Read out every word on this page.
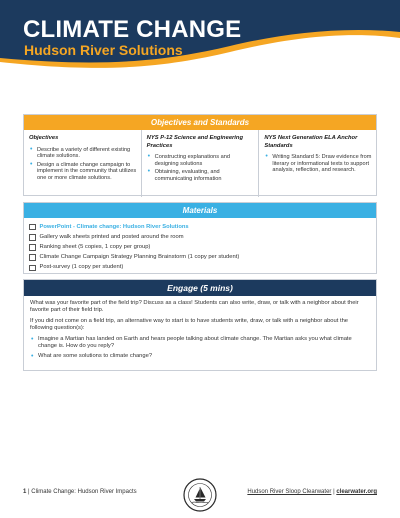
CLIMATE CHANGE
Hudson River Solutions
Objectives and Standards
Objectives
• Describe a variety of different existing climate solutions.
• Design a climate change campaign to implement in the community that utilizes one or more climate solutions.
NYS P-12 Science and Engineering Practices
• Constructing explanations and designing solutions
• Obtaining, evaluating, and communicating information
NYS Next Generation ELA Anchor Standards
• Writing Standard 5: Draw evidence from literary or informational texts to support analysis, reflection, and research.
Materials
PowerPoint - Climate change: Hudson River Solutions
Gallery walk sheets printed and posted around the room
Ranking sheet (5 copies, 1 copy per group)
Climate Change Campaign Strategy Planning Brainstorm (1 copy per student)
Post-survey (1 copy per student)
Engage (5 mins)

What was your favorite part of the field trip? Discuss as a class! Students can also write, draw, or talk with a neighbor about their favorite part of their field trip.

If you did not come on a field trip, an alternative way to start is to have students write, draw, or talk with a neighbor about the following question(s):

• Imagine a Martian has landed on Earth and hears people talking about climate change. The Martian asks you what climate change is. How do you reply?
• What are some solutions to climate change?
1 | Climate Change: Hudson River Impacts	Hudson River Sloop Clearwater | clearwater.org
